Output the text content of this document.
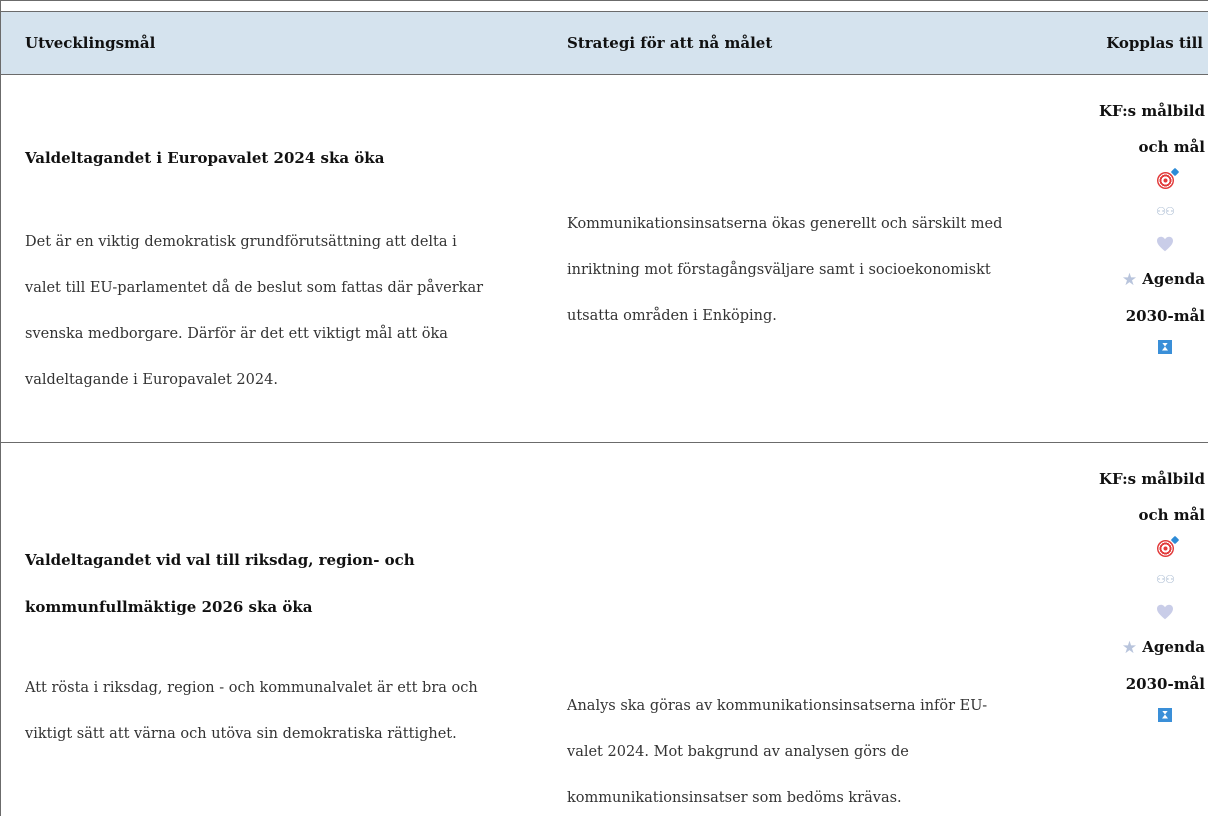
Utvecklingsmål	Strategi för att nå målet	Kopplas till
Valdeltagandet i Europavalet 2024 ska öka
Det är en viktig demokratisk grundförutsättning att delta i
valet till EU-parlamentet då de beslut som fattas där påverkar
svenska medborgare. Därför är det ett viktigt mål att öka
valdeltagande i Europavalet 2024.
Kommunikationsinsatserna ökas generellt och särskilt med
inriktning mot förstagångsväljare samt i socioekonomiskt
utsatta områden i Enköping.
KF:s målbild
och mål
⚇⚇
★ Agenda
2030-mål
Valdeltagandet vid val till riksdag, region- och
kommunfullmäktige 2026 ska öka
Att rösta i riksdag, region - och kommunalvalet är ett bra och
viktigt sätt att värna och utöva sin demokratiska rättighet.
Analys ska göras av kommunikationsinsatserna inför EU-
valet 2024. Mot bakgrund av analysen görs de
kommunikationsinsatser som bedöms krävas.
KF:s målbild
och mål
⚇⚇
★ Agenda
2030-mål
